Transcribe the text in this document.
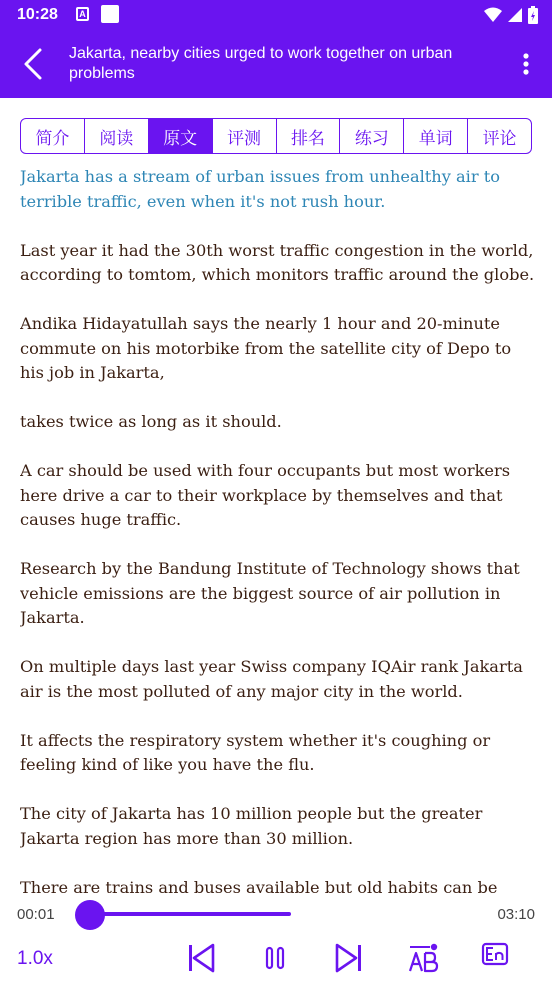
10:28	A
Jakarta, nearby cities urged to work together on urban problems
简介	阅读	原文	评测	排名	练习	单词	评论

Jakarta has a stream of urban issues from unhealthy air to terrible traffic, even when it's not rush hour.

Last year it had the 30th worst traffic congestion in the world, according to tomtom, which monitors traffic around the globe.

Andika Hidayatullah says the nearly 1 hour and 20-minute commute on his motorbike from the satellite city of Depo to his job in Jakarta,

takes twice as long as it should.

A car should be used with four occupants but most workers here drive a car to their workplace by themselves and that causes huge traffic.

Research by the Bandung Institute of Technology shows that vehicle emissions are the biggest source of air pollution in Jakarta.

On multiple days last year Swiss company IQAir rank Jakarta air is the most polluted of any major city in the world.

It affects the respiratory system whether it's coughing or feeling kind of like you have the flu.

The city of Jakarta has 10 million people but the greater Jakarta region has more than 30 million.

There are trains and buses available but old habits can be

00:01	03:10
1.0x
